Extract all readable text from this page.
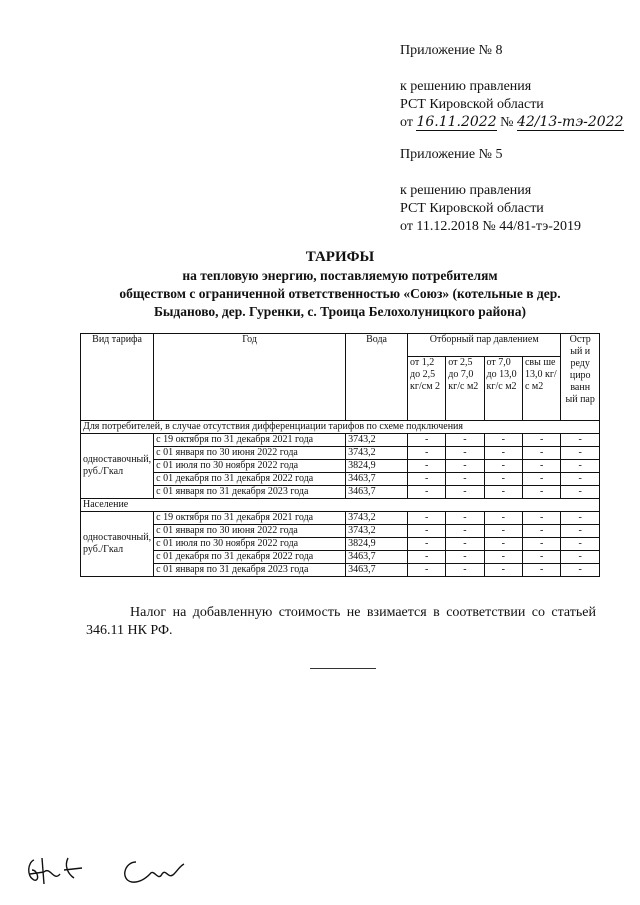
Приложение № 8
к решению правления
РСТ Кировской области
от 16.11.2022 № 42/13-тэ-2022
Приложение № 5
к решению правления
РСТ Кировской области
от 11.12.2018 № 44/81-тэ-2019
ТАРИФЫ
на тепловую энергию, поставляемую потребителям
обществом с ограниченной ответственностью «Союз» (котельные в дер.
Быданово, дер. Гуренки, с. Троица Белохолуницкого района)
Вид тарифа	Год	Вода	Отборный пар давлением				Остр ый и реду циро ванн ый пар
			от 1,2 до 2,5 кг/см 2	от 2,5 до 7,0 кг/с м2	от 7,0 до 13,0 кг/с м2	свы ше 13,0 кг/с м2	
Для потребителей, в случае отсутствия дифференциации тарифов по схеме подключения							
одноставочный, руб./Гкал	с 19 октября по 31 декабря 2021 года	3743,2	-	-	-	-	-
	с 01 января по 30 июня 2022 года	3743,2	-	-	-	-	-
	с 01 июля по 30 ноября 2022 года	3824,9	-	-	-	-	-
	с 01 декабря по 31 декабря 2022 года	3463,7	-	-	-	-	-
	с 01 января по 31 декабря 2023 года	3463,7	-	-	-	-	-
Население							
одноставочный, руб./Гкал	с 19 октября по 31 декабря 2021 года	3743,2	-	-	-	-	-
	с 01 января по 30 июня 2022 года	3743,2	-	-	-	-	-
	с 01 июля по 30 ноября 2022 года	3824,9	-	-	-	-	-
	с 01 декабря по 31 декабря 2022 года	3463,7	-	-	-	-	-
	с 01 января по 31 декабря 2023 года	3463,7	-	-	-	-	-
Налог на добавленную стоимость не взимается в соответствии со статьей 346.11 НК РФ.
